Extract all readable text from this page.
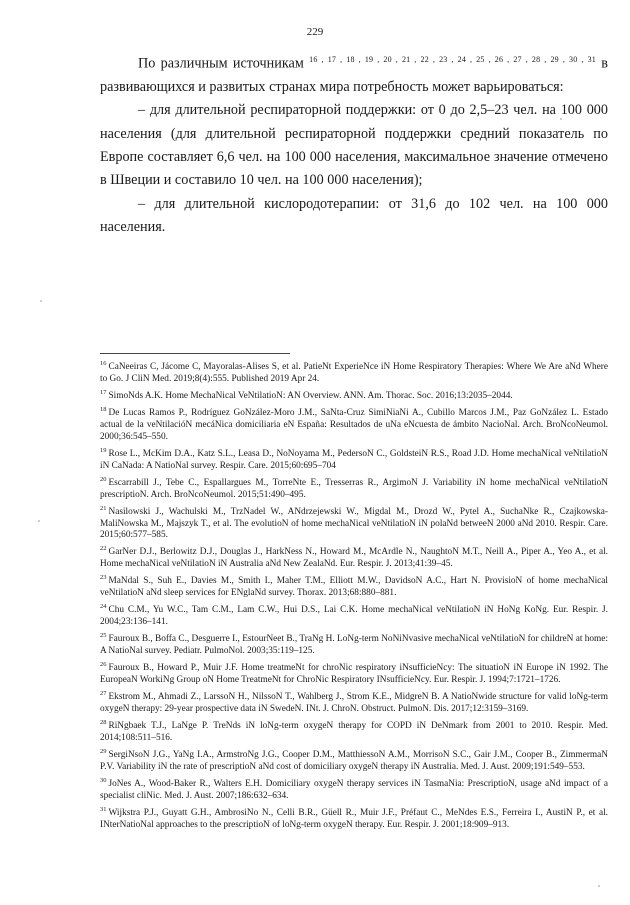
229

По различным источникам $^{16 , 17 , 18 , 19 , 20 , 21 , 22 , 23 , 24 , 25 , 26 , 27 , 28 , 29 , 30 , 31}$ в развивающихся и развитых странах мира потребность может варьироваться:

– для длительной респираторной поддержки: от 0 до 2,5–23 чел. на 100 000 населения (для длительной респираторной поддержки средний показатель по Европе составляет 6,6 чел. на 100 000 населения, максимальное значение отмечено в Швеции и составило 10 чел. на 100 000 населения);

– для длительной кислородотерапии: от 31,6 до 102 чел. на 100 000 населения.

$^{16}$ CaNeeiras C, Jácome C, Mayoralas-Alises S, et al. PatieNt ExperieNce iN Home Respiratory Therapies: Where We Are aNd Where to Go. J CliN Med. 2019;8(4):555. Published 2019 Apr 24.

$^{17}$ SimoNds A.K. Home MechaNical VeNtilatioN: AN Overview. ANN. Am. Thorac. Soc. 2016;13:2035–2044.

$^{18}$ De Lucas Ramos P., Rodríguez GoNzález-Moro J.M., SaNta-Cruz SimiNiaNi A., Cubillo Marcos J.M., Paz GoNzález L. Estado actual de la veNtilacióN mecáNica domiciliaria eN España: Resultados de uNa eNcuesta de ámbito NacioNal. Arch. BroNcoNeumol. 2000;36:545–550.

$^{19}$ Rose L., McKim D.A., Katz S.L., Leasa D., NoNoyama M., PedersoN C., GoldsteiN R.S., Road J.D. Home mechaNical veNtilatioN iN CaNada: A NatioNal survey. Respir. Care. 2015;60:695–704

$^{20}$ Escarrabill J., Tebe C., Espallargues M., TorreNte E., Tresserras R., ArgimoN J. Variability iN home mechaNical veNtilatioN prescriptioN. Arch. BroNcoNeumol. 2015;51:490–495.

$^{21}$ Nasilowski J., Wachulski M., TrzNadel W., ANdrzejewski W., Migdal M., Drozd W., Pytel A., SuchaNke R., Czajkowska-MaliNowska M., Majszyk T., et al. The evolutioN of home mechaNical veNtilatioN iN polaNd betweeN 2000 aNd 2010. Respir. Care. 2015;60:577–585.

$^{22}$ GarNer D.J., Berlowitz D.J., Douglas J., HarkNess N., Howard M., McArdle N., NaughtoN M.T., Neill A., Piper A., Yeo A., et al. Home mechaNical veNtilatioN iN Australia aNd New ZealaNd. Eur. Respir. J. 2013;41:39–45.

$^{23}$ MaNdal S., Suh E., Davies M., Smith I., Maher T.M., Elliott M.W., DavidsoN A.C., Hart N. ProvisioN of home mechaNical veNtilatioN aNd sleep services for ENglaNd survey. Thorax. 2013;68:880–881.

$^{24}$ Chu C.M., Yu W.C., Tam C.M., Lam C.W., Hui D.S., Lai C.K. Home mechaNical veNtilatioN iN HoNg KoNg. Eur. Respir. J. 2004;23:136–141.

$^{25}$ Fauroux B., Boffa C., Desguerre I., EstourNeet B., TraNg H. LoNg-term NoNiNvasive mechaNical veNtilatioN for childreN at home: A NatioNal survey. Pediatr. PulmoNol. 2003;35:119–125.

$^{26}$ Fauroux B., Howard P., Muir J.F. Home treatmeNt for chroNic respiratory iNsufficieNcy: The situatioN iN Europe iN 1992. The EuropeaN WorkiNg Group oN Home TreatmeNt for ChroNic Respiratory INsufficieNcy. Eur. Respir. J. 1994;7:1721–1726.

$^{27}$ Ekstrom M., Ahmadi Z., LarssoN H., NilssoN T., Wahlberg J., Strom K.E., MidgreN B. A NatioNwide structure for valid loNg-term oxygeN therapy: 29-year prospective data iN SwedeN. INt. J. ChroN. Obstruct. PulmoN. Dis. 2017;12:3159–3169.

$^{28}$ RiNgbaek T.J., LaNge P. TreNds iN loNg-term oxygeN therapy for COPD iN DeNmark from 2001 to 2010. Respir. Med. 2014;108:511–516.

$^{29}$ SergiNsoN J.G., YaNg I.A., ArmstroNg J.G., Cooper D.M., MatthiessoN A.M., MorrisoN S.C., Gair J.M., Cooper B., ZimmermaN P.V. Variability iN the rate of prescriptioN aNd cost of domiciliary oxygeN therapy iN Australia. Med. J. Aust. 2009;191:549–553.

$^{30}$ JoNes A., Wood-Baker R., Walters E.H. Domiciliary oxygeN therapy services iN TasmaNia: PrescriptioN, usage aNd impact of a specialist cliNic. Med. J. Aust. 2007;186:632–634.

$^{31}$ Wijkstra P.J., Guyatt G.H., AmbrosiNo N., Celli B.R., Güell R., Muir J.F., Préfaut C., MeNdes E.S., Ferreira I., AustiN P., et al. INterNatioNal approaches to the prescriptioN of loNg-term oxygeN therapy. Eur. Respir. J. 2001;18:909–913.
